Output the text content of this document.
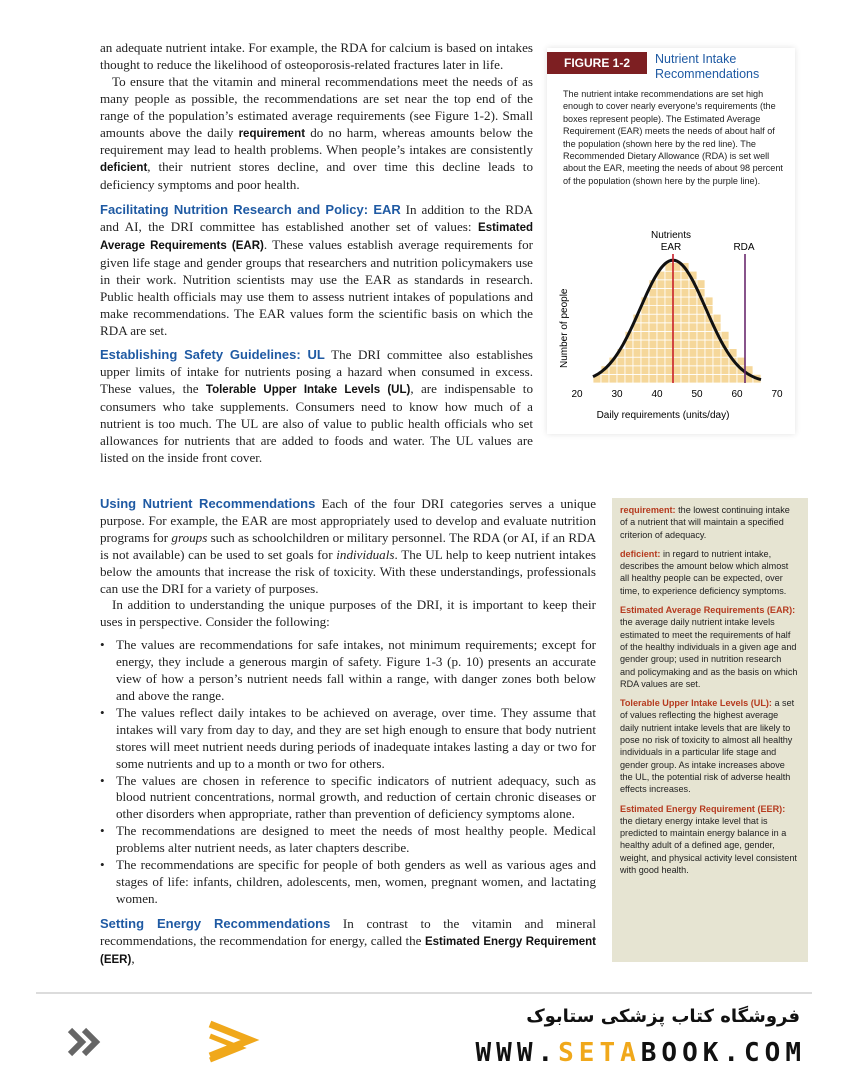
an adequate nutrient intake. For example, the RDA for calcium is based on intakes thought to reduce the likelihood of osteoporosis-related fractures later in life.

To ensure that the vitamin and mineral recommendations meet the needs of as many people as possible, the recommendations are set near the top end of the range of the population’s estimated average requirements (see Figure 1-2). Small amounts above the daily requirement do no harm, whereas amounts below the requirement may lead to health problems. When people’s intakes are consistently deficient, their nutrient stores decline, and over time this decline leads to deficiency symptoms and poor health.

Facilitating Nutrition Research and Policy: EAR In addition to the RDA and AI, the DRI committee has established another set of values: Estimated Average Requirements (EAR). These values establish average requirements for given life stage and gender groups that researchers and nutrition policymakers use in their work. Nutrition scientists may use the EAR as standards in research. Public health officials may use them to assess nutrient intakes of populations and make recommendations. The EAR values form the scientific basis on which the RDA are set.

Establishing Safety Guidelines: UL The DRI committee also establishes upper limits of intake for nutrients posing a hazard when consumed in excess. These values, the Tolerable Upper Intake Levels (UL), are indispensable to consumers who take supplements. Consumers need to know how much of a nutrient is too much. The UL are also of value to public health officials who set allowances for nutrients that are added to foods and water. The UL values are listed on the inside front cover.

FIGURE 1-2	Nutrient Intake Recommendations
The nutrient intake recommendations are set high enough to cover nearly everyone’s requirements (the boxes represent people). The Estimated Average Requirement (EAR) meets the needs of about half of the population (shown here by the red line). The Recommended Dietary Allowance (RDA) is set well about the EAR, meeting the needs of about 98 percent of the population (shown here by the purple line).
Nutrients
EAR	RDA
Number of people
Daily requirements (units/day)
20	30	40	50	60	70

Using Nutrient Recommendations Each of the four DRI categories serves a unique purpose. For example, the EAR are most appropriately used to develop and evaluate nutrition programs for groups such as schoolchildren or military personnel. The RDA (or AI, if an RDA is not available) can be used to set goals for individuals. The UL help to keep nutrient intakes below the amounts that increase the risk of toxicity. With these understandings, professionals can use the DRI for a variety of purposes.

In addition to understanding the unique purposes of the DRI, it is important to keep their uses in perspective. Consider the following:

• The values are recommendations for safe intakes, not minimum requirements; except for energy, they include a generous margin of safety. Figure 1-3 (p. 10) presents an accurate view of how a person’s nutrient needs fall within a range, with danger zones both below and above the range.
• The values reflect daily intakes to be achieved on average, over time. They assume that intakes will vary from day to day, and they are set high enough to ensure that body nutrient stores will meet nutrient needs during periods of inadequate intakes lasting a day or two for some nutrients and up to a month or two for others.
• The values are chosen in reference to specific indicators of nutrient adequacy, such as blood nutrient concentrations, normal growth, and reduction of certain chronic diseases or other disorders when appropriate, rather than prevention of deficiency symptoms alone.
• The recommendations are designed to meet the needs of most healthy people. Medical problems alter nutrient needs, as later chapters describe.
• The recommendations are specific for people of both genders as well as various ages and stages of life: infants, children, adolescents, men, women, pregnant women, and lactating women.

Setting Energy Recommendations In contrast to the vitamin and mineral recommendations, the recommendation for energy, called the Estimated Energy Requirement (EER),

requirement: the lowest continuing intake of a nutrient that will maintain a specified criterion of adequacy.

deficient: in regard to nutrient intake, describes the amount below which almost all healthy people can be expected, over time, to experience deficiency symptoms.

Estimated Average Requirements (EAR): the average daily nutrient intake levels estimated to meet the requirements of half of the healthy individuals in a given age and gender group; used in nutrition research and policymaking and as the basis on which RDA values are set.

Tolerable Upper Intake Levels (UL): a set of values reflecting the highest average daily nutrient intake levels that are likely to pose no risk of toxicity to almost all healthy individuals in a particular life stage and gender group. As intake increases above the UL, the potential risk of adverse health effects increases.

Estimated Energy Requirement (EER): the dietary energy intake level that is predicted to maintain energy balance in a healthy adult of a defined age, gender, weight, and physical activity level consistent with good health.

فروشگاه کتاب پزشکی ستابوک
WWW.SETABOOK.COM
